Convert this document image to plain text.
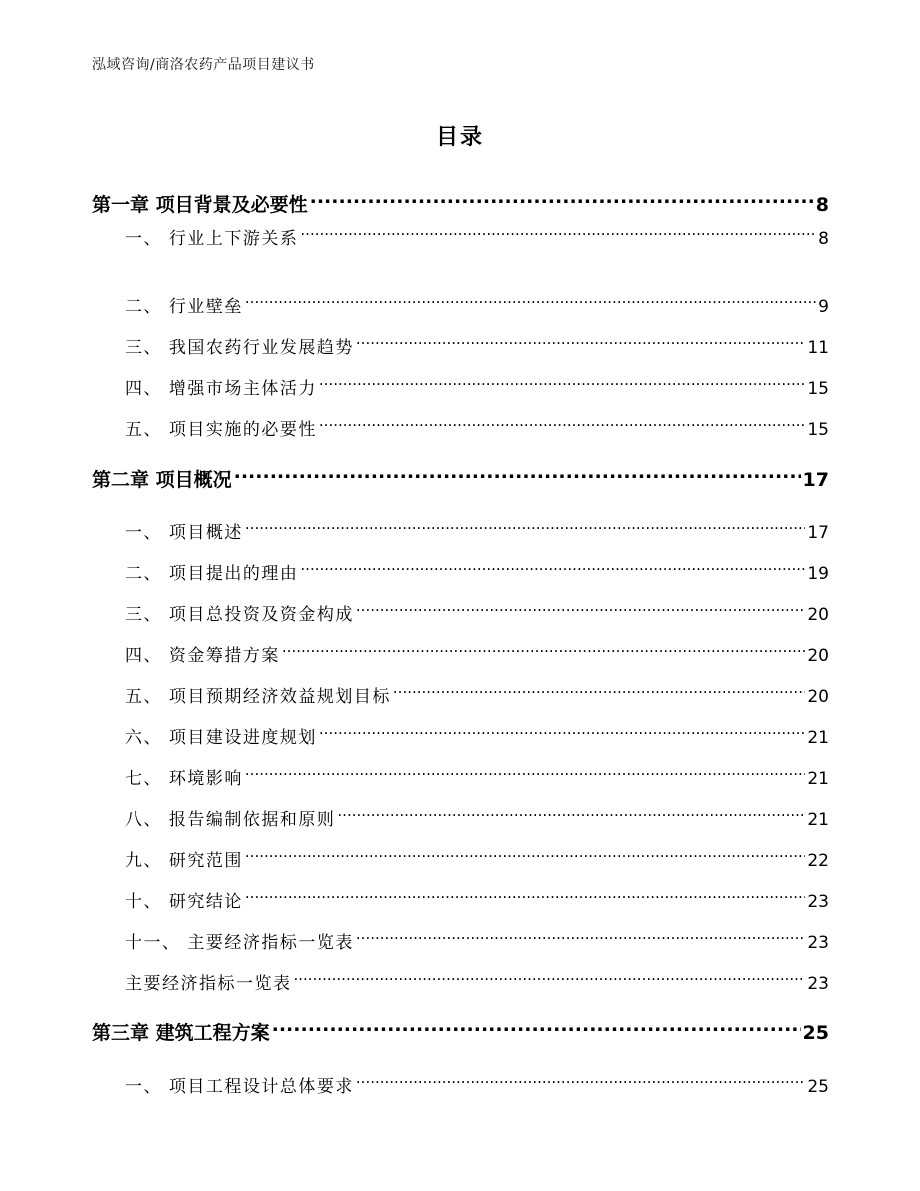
泓域咨询/商洛农药产品项目建议书
目录
第一章 项目背景及必要性 .....	8
一、 行业上下游关系 .....	8
二、 行业壁垒 .....	9
三、 我国农药行业发展趋势 .....	11
四、 增强市场主体活力 .....	15
五、 项目实施的必要性 .....	15
第二章 项目概况 .....	17
一、 项目概述 .....	17
二、 项目提出的理由 .....	19
三、 项目总投资及资金构成 .....	20
四、 资金筹措方案 .....	20
五、 项目预期经济效益规划目标 .....	20
六、 项目建设进度规划 .....	21
七、 环境影响 .....	21
八、 报告编制依据和原则 .....	21
九、 研究范围 .....	22
十、 研究结论 .....	23
十一、 主要经济指标一览表 .....	23
主要经济指标一览表 .....	23
第三章 建筑工程方案 .....	25
一、 项目工程设计总体要求 .....	25
